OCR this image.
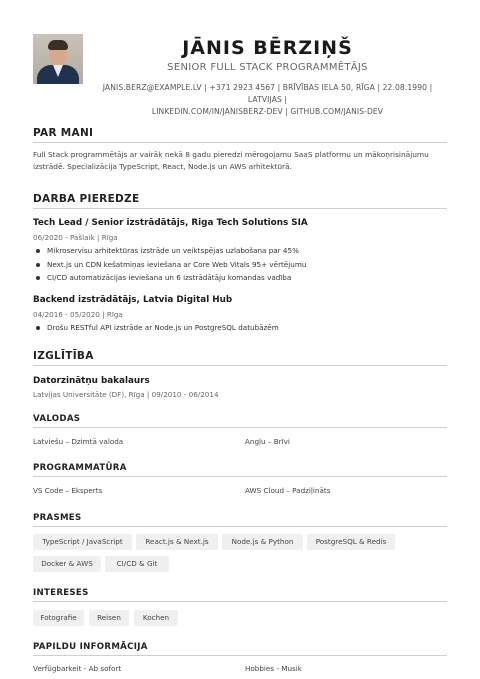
JĀNIS BĒRZIŅŠ
SENIOR FULL STACK PROGRAMMĒTĀJS
JANIS.BERZ@EXAMPLE.LV | +371 2923 4567 | BRĪVĪBAS IELA 50, RĪGA | 22.08.1990 | LATVIJAS |
LINKEDIN.COM/IN/JANISBERZ-DEV | GITHUB.COM/JANIS-DEV
PAR MANI
Full Stack programmētājs ar vairāk nekā 8 gadu pieredzi mērogojamu SaaS platformu un mākoņrisinājumu izstrādē. Specializācija TypeScript, React, Node.js un AWS arhitektūrā.
DARBA PIEREDZE
Tech Lead / Senior izstrādātājs, Riga Tech Solutions SIA
06/2020 - Pašlaik | Rīga
Mikroservisu arhitektūras izstrāde un veiktspējas uzlabošana par 45%
Next.js un CDN kešatmiņas ieviešana ar Core Web Vitals 95+ vērtējumu
CI/CD automatizācijas ieviešana un 6 izstrādātāju komandas vadība
Backend izstrādātājs, Latvia Digital Hub
04/2016 - 05/2020 | Rīga
Drošu RESTful API izstrāde ar Node.js un PostgreSQL datubāzēm
IZGLĪTĪBA
Datorzinātņu bakalaurs
Latvijas Universitāte (DF), Rīga | 09/2010 - 06/2014
VALODAS
Latviešu – Dzimtā valoda	Angļu – Brīvi
PROGRAMMATŪRA
VS Code – Eksperts	AWS Cloud – Padziļināts
PRASMES
TypeScript / JavaScript	React.js & Next.js	Node.js & Python	PostgreSQL & Redis
Docker & AWS	CI/CD & Git
INTERESES
Fotografie	Reisen	Kochen
PAPILDU INFORMĀCIJA
Verfügbarkeit - Ab sofort	Hobbies - Musik
